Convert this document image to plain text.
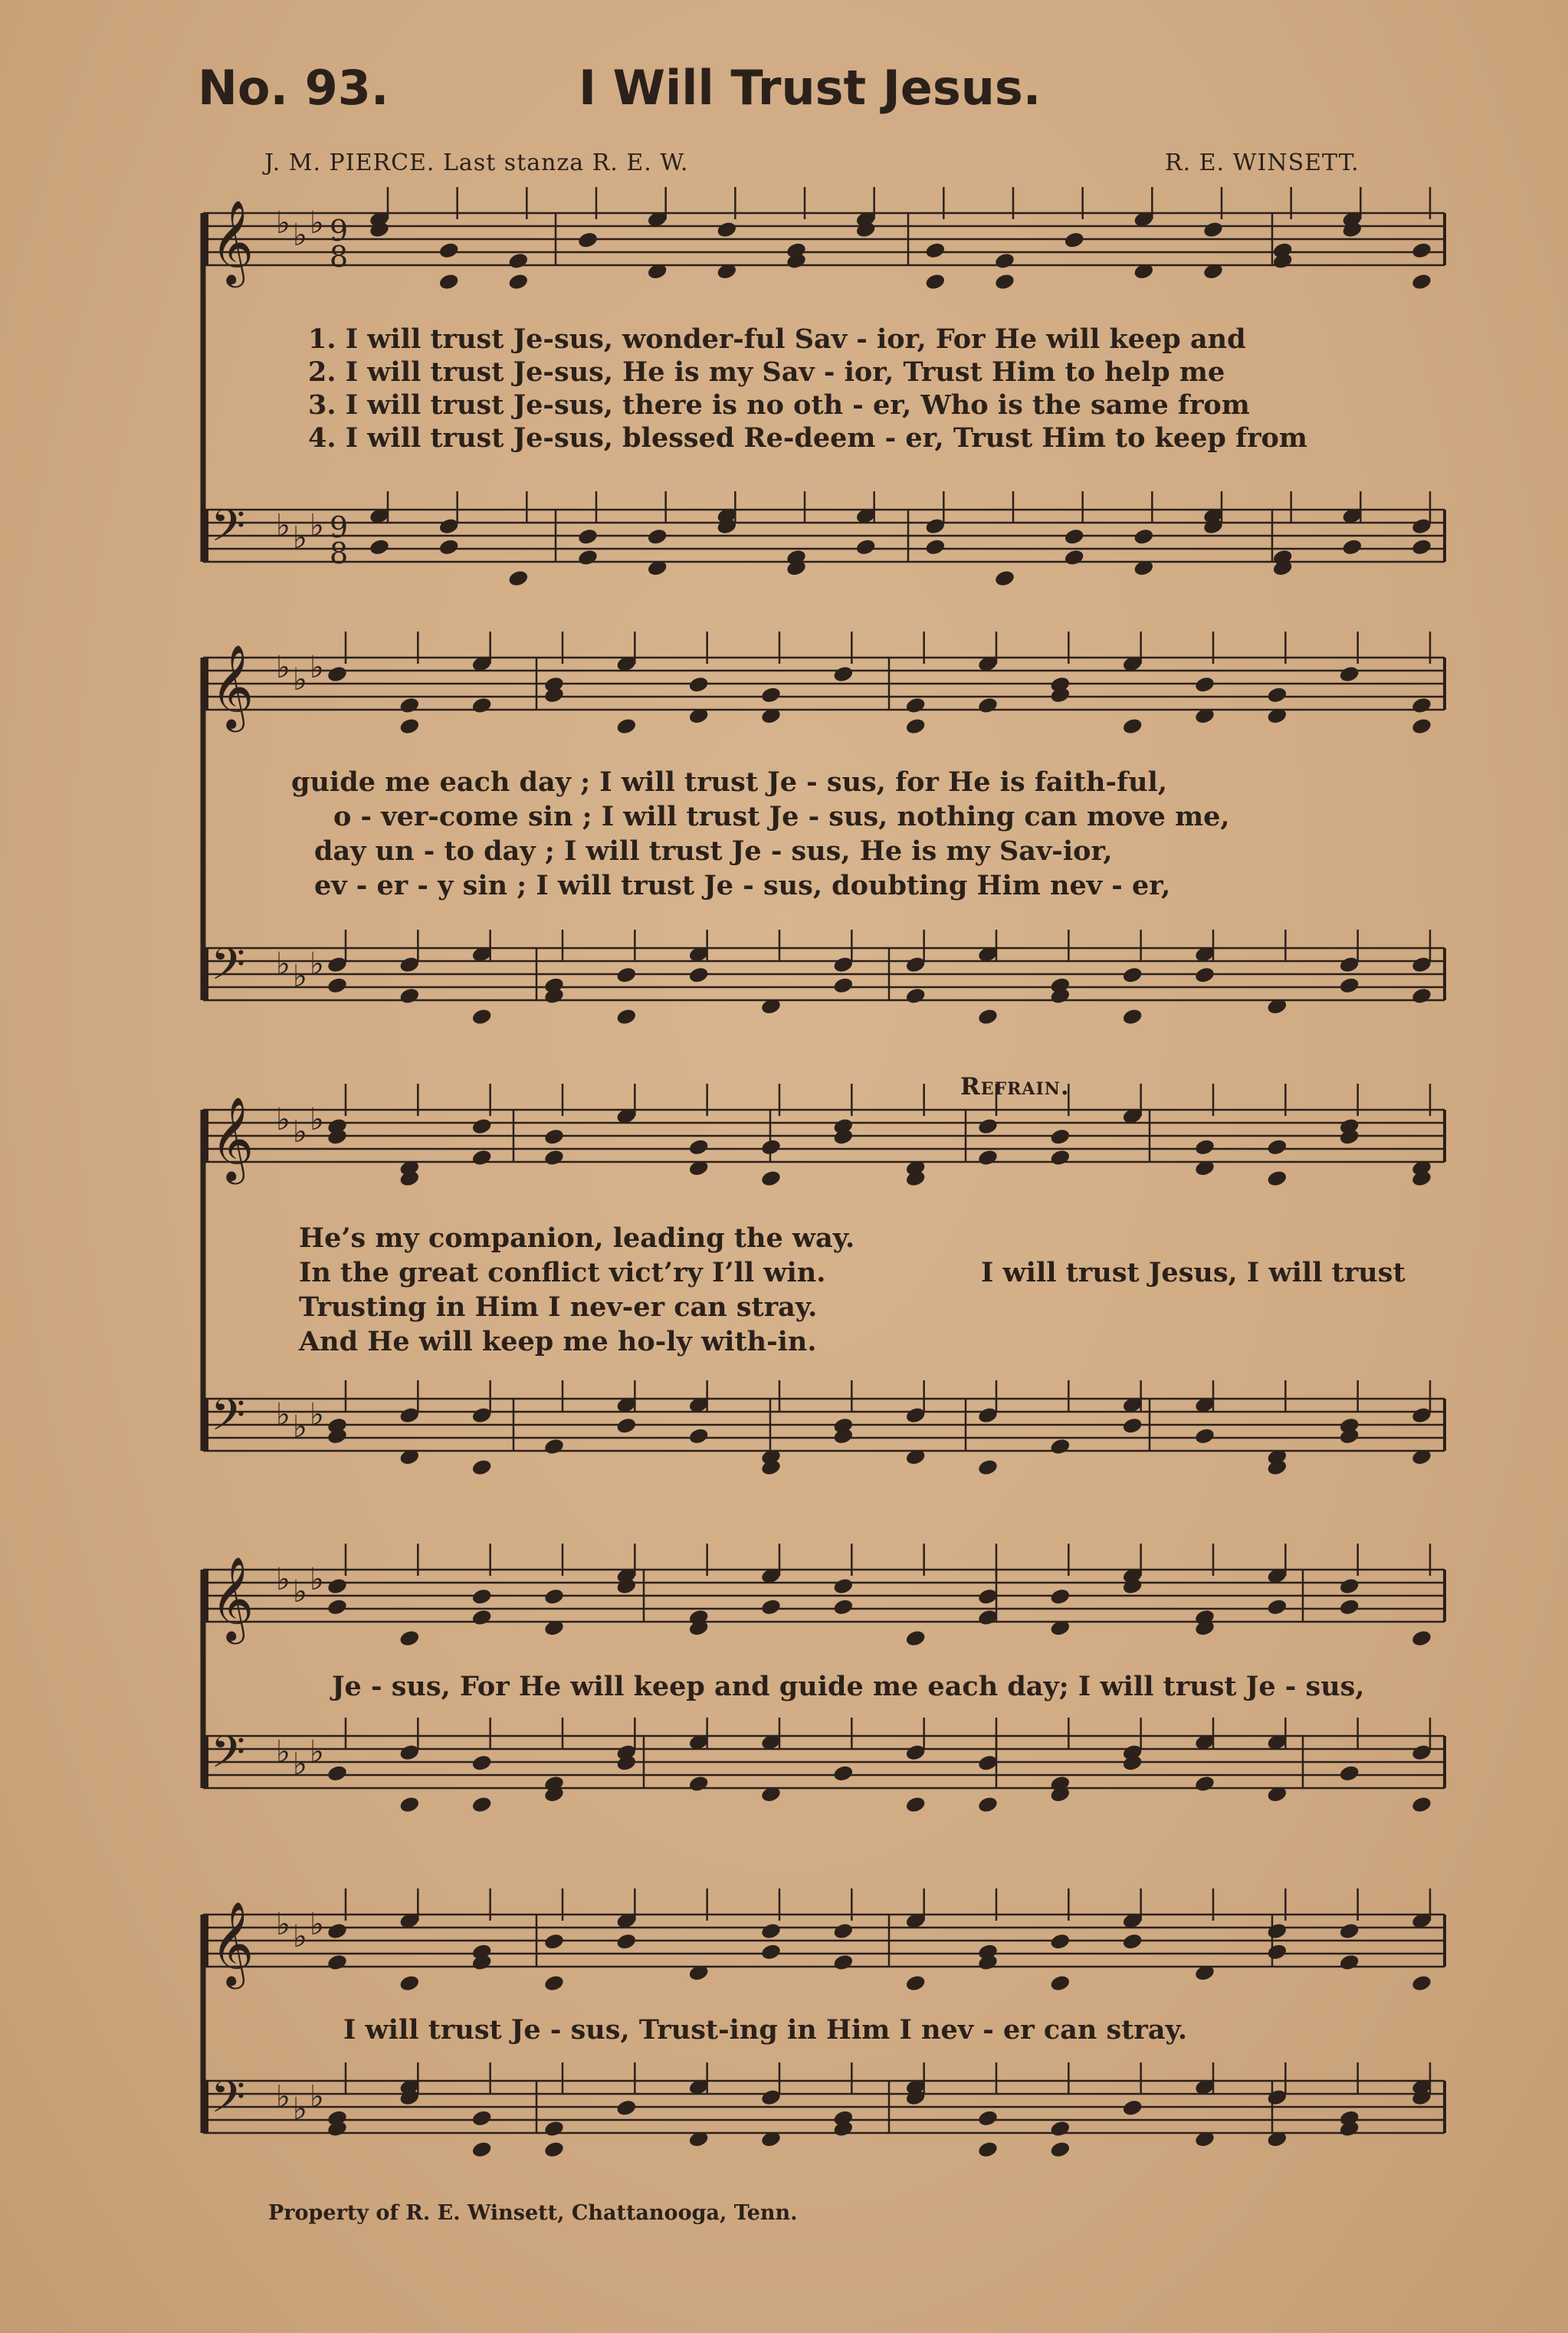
No. 93.	I Will Trust Jesus.
J. M. PIERCE. Last stanza R. E. W.	R. E. WINSETT.
𝄞
𝄢
♭
♭
♭
♭
♭
♭
9
8
9
8
𝄞
𝄢
♭
♭
♭
♭
♭
♭
𝄞
𝄢
♭
♭
♭
♭
♭
♭
𝄞
𝄢
♭
♭
♭
♭
♭
♭
𝄞
𝄢
♭
♭
♭
♭
♭
♭
1. I will trust Je-sus, wonder-ful Sav - ior, For He will keep and
2. I will trust Je-sus, He is my Sav - ior, Trust Him to help me
3. I will trust Je-sus, there is no oth - er, Who is the same from
4. I will trust Je-sus, blessed Re-deem - er, Trust Him to keep from
guide me each day ; I will trust Je - sus, for He is faith-ful,
o - ver-come sin ; I will trust Je - sus, nothing can move me,
day un - to day ; I will trust Je - sus, He is my Sav-ior,
ev - er - y sin ; I will trust Je - sus, doubting Him nev - er,
Refrain.
He’s my companion, leading the way.
In the great conflict vict’ry I’ll win.
Trusting in Him I nev-er can stray.
And He will keep me ho-ly with-in.
I will trust Jesus, I will trust
Je - sus, For He will keep and guide me each day; I will trust Je - sus,
I will trust Je - sus, Trust-ing in Him I nev - er can stray.
Property of R. E. Winsett, Chattanooga, Tenn.
